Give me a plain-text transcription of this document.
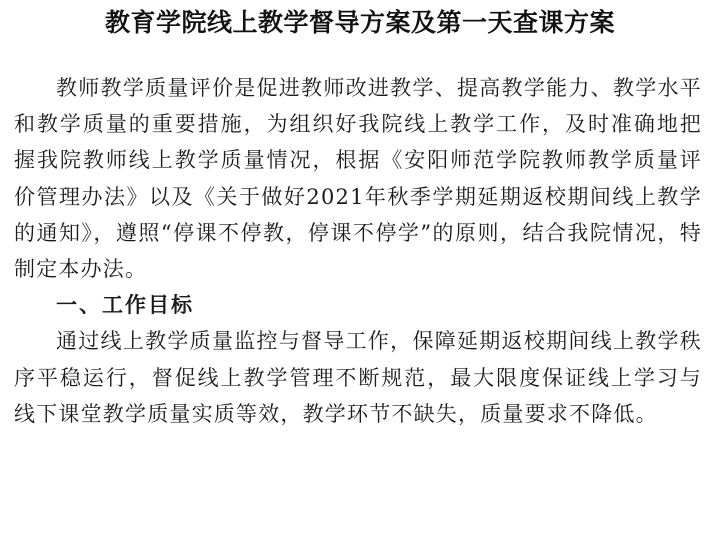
教育学院线上教学督导方案及第一天查课方案

教师教学质量评价是促进教师改进教学、提高教学能力、教学水平和教学质量的重要措施，为组织好我院线上教学工作，及时准确地把握我院教师线上教学质量情况，根据《安阳师范学院教师教学质量评价管理办法》以及《关于做好2021年秋季学期延期返校期间线上教学的通知》，遵照“停课不停教，停课不停学”的原则，结合我院情况，特制定本办法。

一、工作目标

通过线上教学质量监控与督导工作，保障延期返校期间线上教学秩序平稳运行，督促线上教学管理不断规范，最大限度保证线上学习与线下课堂教学质量实质等效，教学环节不缺失，质量要求不降低。
